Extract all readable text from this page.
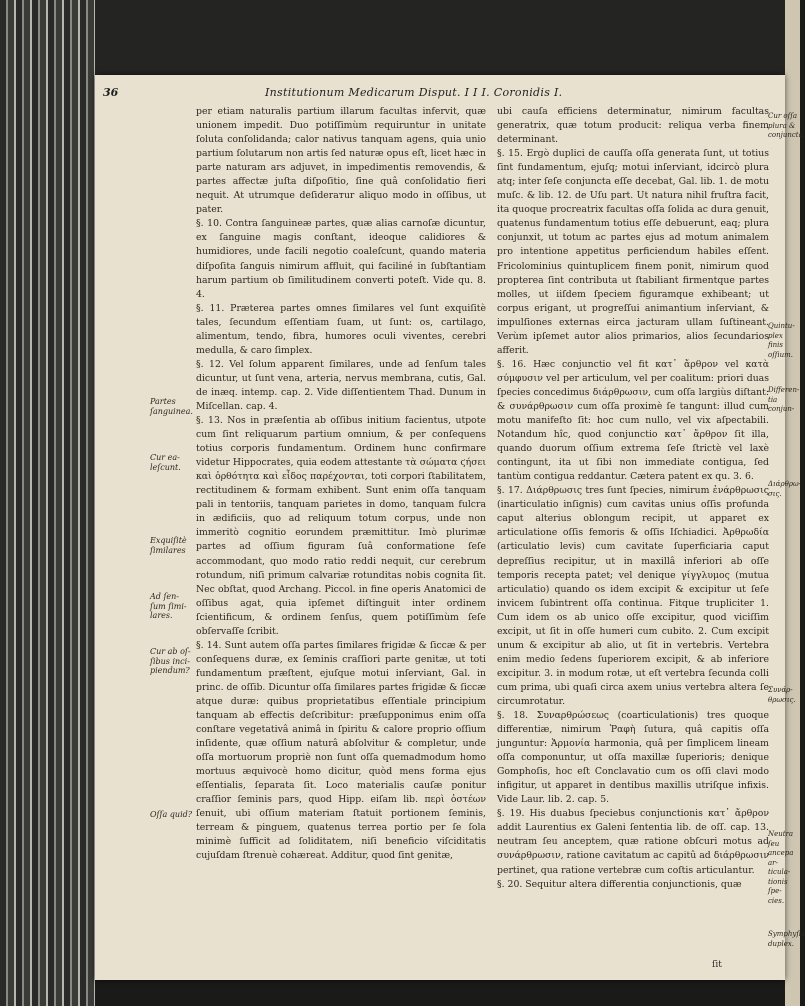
36	Institutionum Medicarum Disput. I I I. Coronidis I.

per etiam naturalis partium illarum facultas infervit, quæ unionem impedit. Duo potiſſimùm requiruntur in unitate ſoluta conſolidanda; calor nativus tanquam agens, quia unio partium ſolutarum non artis ſed naturæ opus eſt, licet hæc in parte naturam ars adjuvet, in impedimentis removendis, & partes affectæ juſta diſpoſitio, ſine quâ conſolidatio fieri nequit. At utrumque deſiderатur aliquo modo in oſſibus, ut pater.

§. 10. Contra ſanguineæ partes, quæ alias carnoſæ dicuntur, ex ſanguine magis conſtant, ideoque calidiores & humidiores, unde facili negotio coaleſcunt, quando materia diſpoſita ſanguis nimirum affluit, qui faciliné in ſubſtantiam harum partium ob ſimilitudinem converti poteſt. Vide qu. 8. 4.

§. 11. Præterea partes omnes ſimilares vel ſunt exquiſitè tales, ſecundum eſſentiam ſuam, ut ſunt: os, cartilago, alimentum, tendo, fibra, humores oculi viventes, cerebri medulla, & caro ſimplex.

§. 12. Vel ſolum apparent ſimilares, unde ad ſenſum tales dicuntur, ut ſunt vena, arteria, nervus membrana, cutis, Gal. de inæq. intemp. cap. 2. Vide diſſentientem Thad. Dunum in Miſcellan. cap. 4.

§. 13. Nos in præſentia ab oſſibus initium facientus, utpote cum ſint reliquarum partium omnium, & per conſequens totius corporis fundamentum. Ordinem hunc confirmare videtur Hippocrates, quia eodem attestante τὰ σώματα ϛήσει καὶ ὀρθότητα καὶ εἶδος παρέχονται, toti corpori ſtabilitatem, rectitudinem & formam exhibent. Sunt enim oſſa tanquam pali in tentoriis, tanquam parietes in domo, tanquam fulcra in ædificiis, quo ad reliquum totum corpus, unde non immeritò cognitio eorundem præmittitur. Imò plurimæ partes ad oſſium figuram ſuâ conformatione ſeſe accommodant, quo modo ratio reddi nequit, cur cerebrum rotundum, niſi primum calvariæ rotunditas nobis cognita ſit. Nec obſtat, quod Archang. Piccol. in fine operis Anatomici de oſſibus agat, quia ipſemet diſtinguit inter ordinem ſcientificum, & ordinem ſenſus, quem potiſſimùm ſeſe obſervaſſe ſcribit.

§. 14. Sunt autem oſſa partes ſimilares frigidæ & ſiccæ & per conſequens duræ, ex ſeminis craſſiori parte genitæ, ut toti fundamentum præſtent, ejuſque motui inſerviant, Gal. in princ. de oſſib. Dicuntur oſſa ſimilares partes frigidæ & ſiccæ atque duræ: quibus proprietatibus eſſentiale principium tanquam ab effectis deſcribitur: præſupponimus enim oſſa conſtare vegetativâ animâ in ſpiritu & calore proprio oſſium inſidente, quæ oſſium naturâ abſolvitur & completur, unde oſſa mortuorum propriè non ſunt oſſa quemadmodum homo mortuus æquivocè homo dicitur, quòd mens forma ejus eſſentialis, ſeparata ſit. Loco materialis cauſæ ponitur craſſior ſeminis pars, quod Hipp. eiſam lib. περὶ ὀστέων ſenuit, ubi oſſium materiam ſtatuit portionem ſeminis, terream & pinguem, quatenus terrea portio per ſe ſola minimè ſufficit ad ſoliditatem, niſi beneficio viſciditatis cujuſdam ſtrenuè cohæreat. Additur, quod ſint genitæ,

ubi cauſa efficiens determinatur, nimirum facultas generatrix, quæ totum producit: reliqua verba finem determinant.

§. 15. Ergò duplici de cauſſa oſſa generata ſunt, ut totius ſint fundamentum, ejuſq; motui inſerviant, idcircò plura atq; inter ſeſe conjuncta eſſe decebat, Gal. lib. 1. de motu muſc. & lib. 12. de Uſu part. Ut natura nihil fruſtra facit, ita quoque procreatrix facultas oſſa ſolida ac dura genuit, quatenus fundamentum totius eſſe debuerunt, eaq; plura conjunxit, ut totum ac partes ejus ad motum animalem pro intentione appetitus perficiendum habiles eſſent. Fricolominius quintuplicem finem ponit, nimirum quod propterea ſint contributa ut ſtabiliant firmentque partes molles, ut iiſdem ſpeciem figuramque exhibeant; ut corpus erigant, ut progreſſui animantium inſerviant, & impulſiones externas eirca jacturam ullam ſuſtineant. Verùm ipſemet autor alios primarios, alios ſecundarios afferit.

§. 16. Hæc conjunctio vel fit κατ᾽ ἄρθρον vel κατὰ σύμφυσιν vel per articulum, vel per coalitum: priori duas ſpecies concedimus διάρθρωσιν, cum oſſa largiùs diſtant: & συνάρθρωσιν cum oſſa proximè ſe tangunt: illud cum motu manifeſto ſit: hoc cum nullo, vel vix aſpectabili. Notandum hîc, quod conjunctio κατ᾽ ἄρθρον ſit illa, quando duorum oſſium extrema ſeſe ſtrictè vel laxè contingunt, ita ut ſibi non immediate contigua, ſed tantùm contigua reddantur. Cætera patent ex qu. 3. 6.

§. 17. Διάρθρωσις tres ſunt ſpecies, nimirum ἐνάρθρωσις (inarticulatio inſignis) cum cavitas unius oſſis profunda caput alterius oblongum recipit, ut apparet ex articulatione oſſis femoris & oſſis Iſchiadici. Ἀρθρωδία (articulatio levis) cum cavitate ſuperficiaria caput depreſſius recipitur, ut in maxillâ inferiori ab oſſe temporis recepta patet; vel denique γίγγλυμος (mutua articulatio) quando os idem excipit & excipitur ut ſeſe invicem ſubintrent oſſa continua. Fitque trupliciter 1. Cum idem os ab unico oſſe excipitur, quod viciſſim excipit, ut ſit in oſſe humeri cum cubito. 2. Cum excipit unum & excipitur ab alio, ut ſit in vertebris. Vertebra enim medio ſedens ſuperiorem excipit, & ab inferiore excipitur. 3. in modum rotæ, ut eſt vertebra ſecunda colli cum prima, ubi quaſi circa axem unius vertebra altera ſe circumrotatur.

§. 18. Συναρθρώσεως (coarticulationis) tres quoque differentiæ, nimirum Ῥαφὴ ſutura, quâ capitis oſſa junguntur: Ἁρμονία harmonia, quâ per ſimplicem lineam oſſa componuntur, ut oſſa maxillæ ſuperioris; denique Gomphoſis, hoc eſt Conclavatio cum os oſſi clavi modo infigitur, ut apparet in dentibus maxillis utriſque infixis. Vide Laur. lib. 2. cap. 5.

§. 19. His duabus ſpeciebus conjunctionis κατ᾽ ἄρθρον addit Laurentius ex Galeni ſententia lib. de oſſ. cap. 13. neutram ſeu anceptem, quæ ratione obſcuri motus ad συνάρθρωσιν, ratione cavitatum ac capitû ad διάρθρωσιν pertinet, qua ratione vertebræ cum coſtis articulantur.

§. 20. Sequitur altera differentia conjunctionis, quæ

Partes
ſanguinea.
Cur ea-
leſcunt.
Exquiſitè
ſimilares
Ad ſen-
ſum ſimi-
lares.
Cur ab oſ-
ſibus inci-
piendum?
Oſſa quid?
Cur oſſa
plura &
conjuncta.
Quintu-
plex finis
oſſium.
Differen-
tia conjun-
Διάρθρω-
σις.
Συνάρ-
θρωσις.
Neutra ſeu
ancepa ar-
ticula-
tionis ſpe-
cies.
Symphyſis
duplex.
ſit
